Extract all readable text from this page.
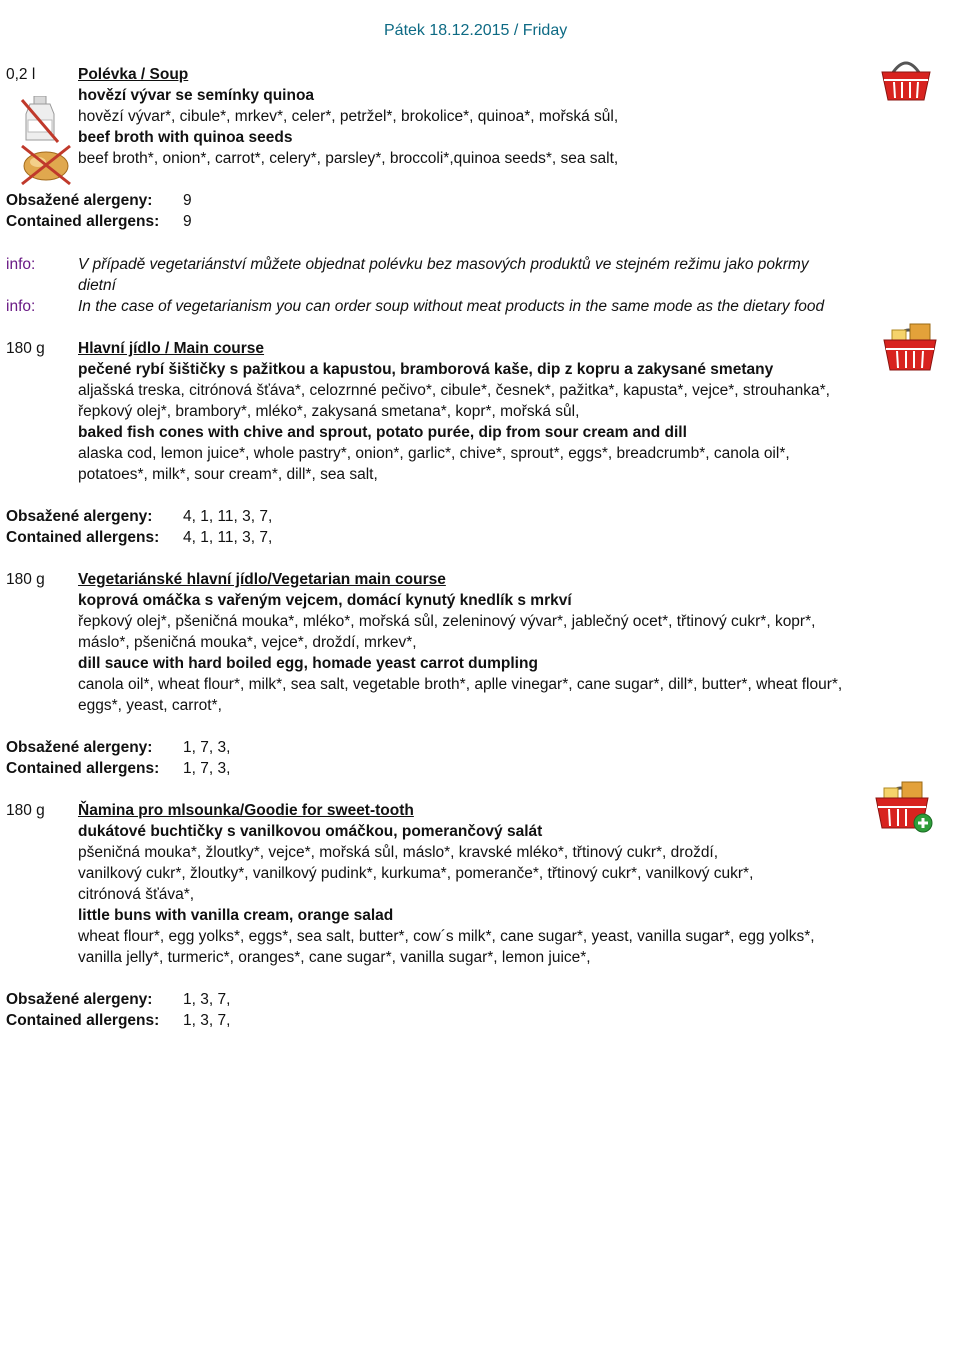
Pátek 18.12.2015 / Friday
0,2 l	Polévka / Soup
hovězí vývar se semínky quinoa
hovězí vývar*, cibule*, mrkev*, celer*, petržel*, brokolice*, quinoa*, mořská sůl,
beef broth with quinoa seeds
beef broth*, onion*, carrot*, celery*, parsley*, broccoli*,quinoa seeds*, sea salt,
Obsažené alergeny: 9
Contained allergens: 9
info:	V případě vegetariánství můžete objednat polévku bez masových produktů ve stejném režimu jako pokrmy
dietní
info:	In the case of vegetarianism you can order soup without meat products in the same mode as the dietary food
180 g Hlavní jídlo / Main course
pečené rybí šištičky s pažitkou a kapustou, bramborová kaše, dip z kopru a zakysané smetany
aljašská treska, citrónová šťáva*, celozrnné pečivo*, cibule*, česnek*, pažitka*, kapusta*, vejce*, strouhanka*,
řepkový olej*, brambory*, mléko*, zakysaná smetana*, kopr*, mořská sůl,
baked fish cones with chive and sprout, potato purée, dip from sour cream and dill
alaska cod, lemon juice*, whole pastry*, onion*, garlic*, chive*, sprout*, eggs*, breadcrumb*, canola oil*,
potatoes*, milk*, sour cream*, dill*, sea salt,
Obsažené alergeny: 4, 1, 11, 3, 7,
Contained allergens: 4, 1, 11, 3, 7,
180 g Vegetariánské hlavní jídlo/Vegetarian main course
koprová omáčka s vařeným vejcem, domácí kynutý knedlík s mrkví
řepkový olej*, pšeničná mouka*, mléko*, mořská sůl, zeleninový vývar*, jablečný ocet*, třtinový cukr*, kopr*,
máslo*, pšeničná mouka*, vejce*, droždí, mrkev*,
dill sauce with hard boiled egg, homade yeast carrot dumpling
canola oil*, wheat flour*, milk*, sea salt, vegetable broth*, aplle vinegar*, cane sugar*, dill*, butter*, wheat flour*,
eggs*, yeast, carrot*,
Obsažené alergeny: 1, 7, 3,
Contained allergens: 1, 7, 3,
180 g Ňamina pro mlsounka/Goodie for sweet-tooth
dukátové buchtičky s vanilkovou omáčkou, pomerančový salát
pšeničná mouka*, žloutky*, vejce*, mořská sůl, máslo*, kravské mléko*, třtinový cukr*, droždí,
vanilkový cukr*, žloutky*, vanilkový pudink*, kurkuma*, pomeranče*, třtinový cukr*, vanilkový cukr*,
citrónová šťáva*,
little buns with vanilla cream, orange salad
wheat flour*, egg yolks*, eggs*, sea salt, butter*, cow´s milk*, cane sugar*, yeast, vanilla sugar*, egg yolks*,
vanilla jelly*, turmeric*, oranges*, cane sugar*, vanilla sugar*, lemon juice*,
Obsažené alergeny: 1, 3, 7,
Contained allergens: 1, 3, 7,
